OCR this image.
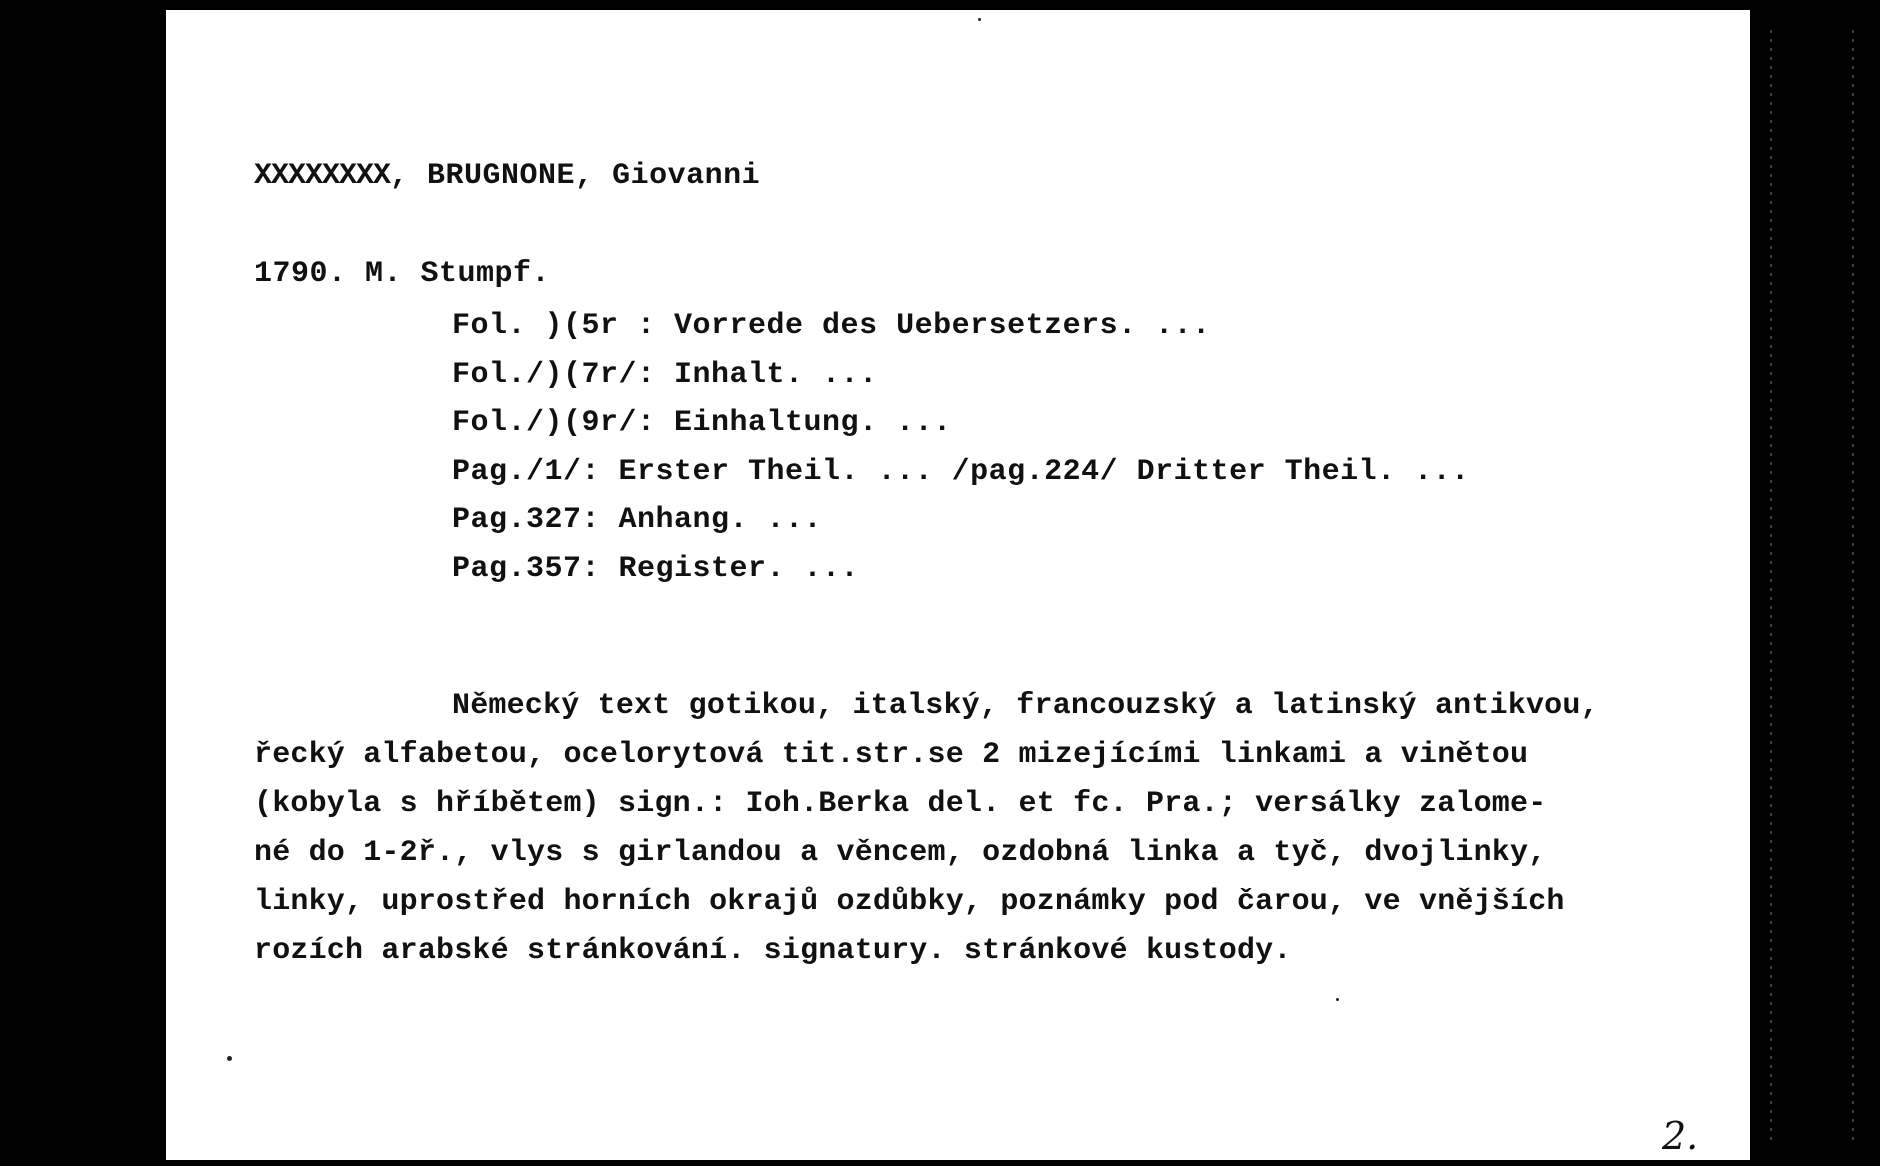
XXXXXXXX, BRUGNONE, Giovanni
1790. M. Stumpf.
Fol. )(5r : Vorrede des Uebersetzers. ...
Fol./)(7r/: Inhalt. ...
Fol./)(9r/: Einhaltung. ...
Pag./1/: Erster Theil. ... /pag.224/ Dritter Theil. ...
Pag.327: Anhang. ...
Pag.357: Register. ...
Německý text gotikou, italský, francouzský a latinský antikvou,
řecký alfabetou, ocelorytová tit.str.se 2 mizejícími linkami a vinětou
(kobyla s hříbětem) sign.: Ioh.Berka del. et fc. Pra.; versálky zalome-
né do 1-2ř., vlys s girlandou a věncem, ozdobná linka a tyč, dvojlinky,
linky, uprostřed horních okrajů ozdůbky, poznámky pod čarou, ve vnějších
rozích arabské stránkování. signatury. stránkové kustody.
2.
